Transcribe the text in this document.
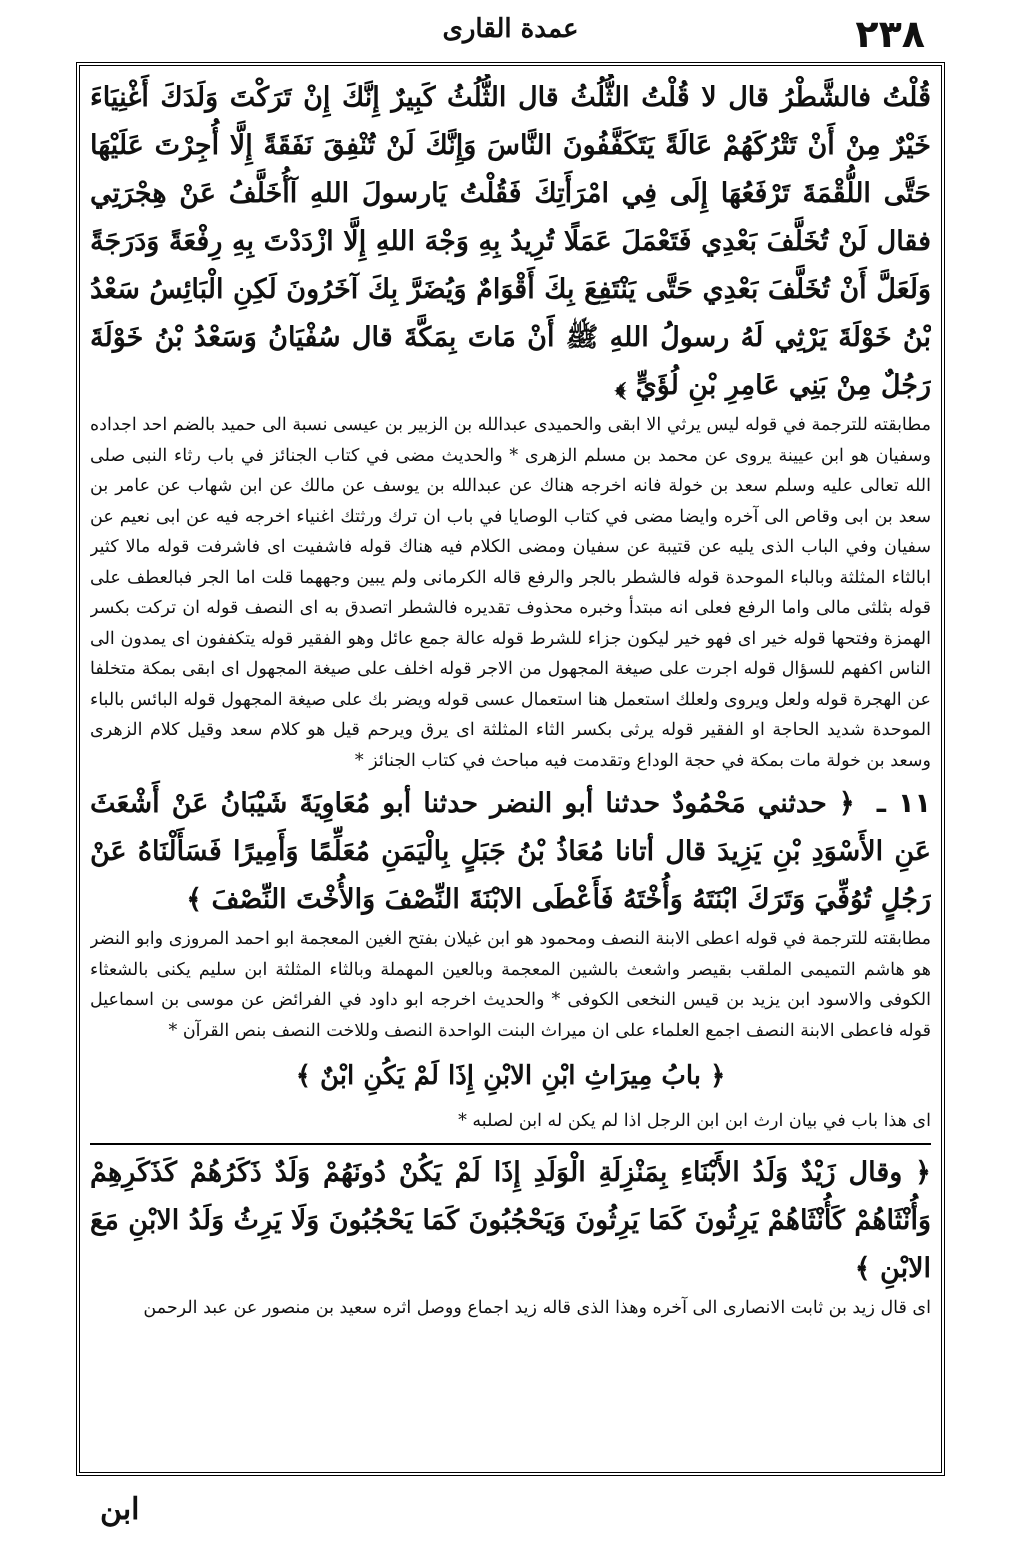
۲۳۸
عمدة القاری

قُلْتُ فالشَّطْرُ قال لا قُلْتُ الثُّلُثُ قال الثُّلُثُ كَبِيرٌ إِنَّكَ إِنْ تَرَكْتَ وَلَدَكَ أَغْنِيَاءَ خَيْرٌ مِنْ أَنْ تَتْرُكَهُمْ عَالَةً يَتَكَفَّفُونَ النَّاسَ وَإِنَّكَ لَنْ تُنْفِقَ نَفَقَةً إِلَّا أُجِرْتَ عَلَيْهَا حَتَّى اللُّقْمَةَ تَرْفَعُهَا إِلَى فِي امْرَأَتِكَ فَقُلْتُ يَارسولَ اللهِ آأُخَلَّفُ عَنْ هِجْرَتِي فقال لَنْ تُخَلَّفَ بَعْدِي فَتَعْمَلَ عَمَلًا تُرِيدُ بِهِ وَجْهَ اللهِ إِلَّا ازْدَدْتَ بِهِ رِفْعَةً وَدَرَجَةً وَلَعَلَّ أَنْ تُخَلَّفَ بَعْدِي حَتَّى يَنْتَفِعَ بِكَ أَقْوَامٌ وَيُضَرَّ بِكَ آخَرُونَ لَكِنِ الْبَائِسُ سَعْدُ بْنُ خَوْلَةَ يَرْثِي لَهُ رسولُ اللهِ ﷺ أَنْ مَاتَ بِمَكَّةَ قال سُفْيَانُ وَسَعْدُ بْنُ خَوْلَةَ رَجُلٌ مِنْ بَنِي عَامِرِ بْنِ لُؤَيٍّ ﴾

مطابقته للترجمة في قوله ليس يرثي الا ابقى والحميدى عبدالله بن الزبير بن عيسى نسبة الى حميد بالضم احد اجداده وسفيان هو ابن عيينة يروى عن محمد بن مسلم الزهرى * والحديث مضى في كتاب الجنائز في باب رثاء النبى صلى الله تعالى عليه وسلم سعد بن خولة فانه اخرجه هناك عن عبدالله بن يوسف عن مالك عن ابن شهاب عن عامر بن سعد بن ابى وقاص الى آخره وايضا مضى في كتاب الوصايا في باب ان ترك ورثتك اغنياء اخرجه فيه عن ابى نعيم عن سفيان وفي الباب الذى يليه عن قتيبة عن سفيان ومضى الكلام فيه هناك قوله فاشفيت اى فاشرفت قوله مالا كثير ابالثاء المثلثة وبالباء الموحدة قوله فالشطر بالجر والرفع قاله الكرمانى ولم يبين وجههما قلت اما الجر فبالعطف على قوله بثلثى مالى واما الرفع فعلى انه مبتدأ وخبره محذوف تقديره فالشطر اتصدق به اى النصف قوله ان تركت بكسر الهمزة وفتحها قوله خير اى فهو خير ليكون جزاء للشرط قوله عالة جمع عائل وهو الفقير قوله يتكففون اى يمدون الى الناس اكفهم للسؤال قوله اجرت على صيغة المجهول من الاجر قوله اخلف على صيغة المجهول اى ابقى بمكة متخلفا عن الهجرة قوله ولعل ويروى ولعلك استعمل هنا استعمال عسى قوله ويضر بك على صيغة المجهول قوله البائس بالباء الموحدة شديد الحاجة او الفقير قوله يرثى بكسر الثاء المثلثة اى يرق ويرحم قيل هو كلام سعد وقيل كلام الزهرى وسعد بن خولة مات بمكة في حجة الوداع وتقدمت فيه مباحث في كتاب الجنائز *

۱۱ ـ ﴿ حدثني مَحْمُودٌ حدثنا أبو النضر حدثنا أبو مُعَاوِيَةَ شَيْبَانُ عَنْ أَشْعَثَ عَنِ الأَسْوَدِ بْنِ يَزِيدَ قال أتانا مُعَاذُ بْنُ جَبَلٍ بِالْيَمَنِ مُعَلِّمًا وَأَمِيرًا فَسَأَلْنَاهُ عَنْ رَجُلٍ تُوُفِّيَ وَتَرَكَ ابْنَتَهُ وَأُخْتَهُ فَأَعْطَى الابْنَةَ النِّصْفَ وَالأُخْتَ النِّصْفَ ﴾

مطابقته للترجمة في قوله اعطى الابنة النصف ومحمود هو ابن غيلان بفتح الغين المعجمة ابو احمد المروزى وابو النضر هو هاشم التميمى الملقب بقيصر واشعث بالشين المعجمة وبالعين المهملة وبالثاء المثلثة ابن سليم يكنى بالشعثاء الكوفى والاسود ابن يزيد بن قيس النخعى الكوفى * والحديث اخرجه ابو داود في الفرائض عن موسى بن اسماعيل قوله فاعطى الابنة النصف اجمع العلماء على ان ميراث البنت الواحدة النصف وللاخت النصف بنص القرآن *

﴿ بابُ مِيرَاثِ ابْنِ الابْنِ إِذَا لَمْ يَكُنِ ابْنٌ ﴾

اى هذا باب في بيان ارث ابن ابن الرجل اذا لم يكن له ابن لصلبه *

﴿ وقال زَيْدٌ وَلَدُ الأَبْنَاءِ بِمَنْزِلَةِ الْوَلَدِ إِذَا لَمْ يَكُنْ دُونَهُمْ وَلَدٌ ذَكَرُهُمْ كَذَكَرِهِمْ وَأُنْثَاهُمْ كَأُنْثَاهُمْ يَرِثُونَ كَمَا يَرِثُونَ وَيَحْجُبُونَ كَمَا يَحْجُبُونَ وَلَا يَرِثُ وَلَدُ الابْنِ مَعَ الابْنِ ﴾

اى قال زيد بن ثابت الانصارى الى آخره وهذا الذى قاله زيد اجماع ووصل اثره سعيد بن منصور عن عبد الرحمن

ابن
